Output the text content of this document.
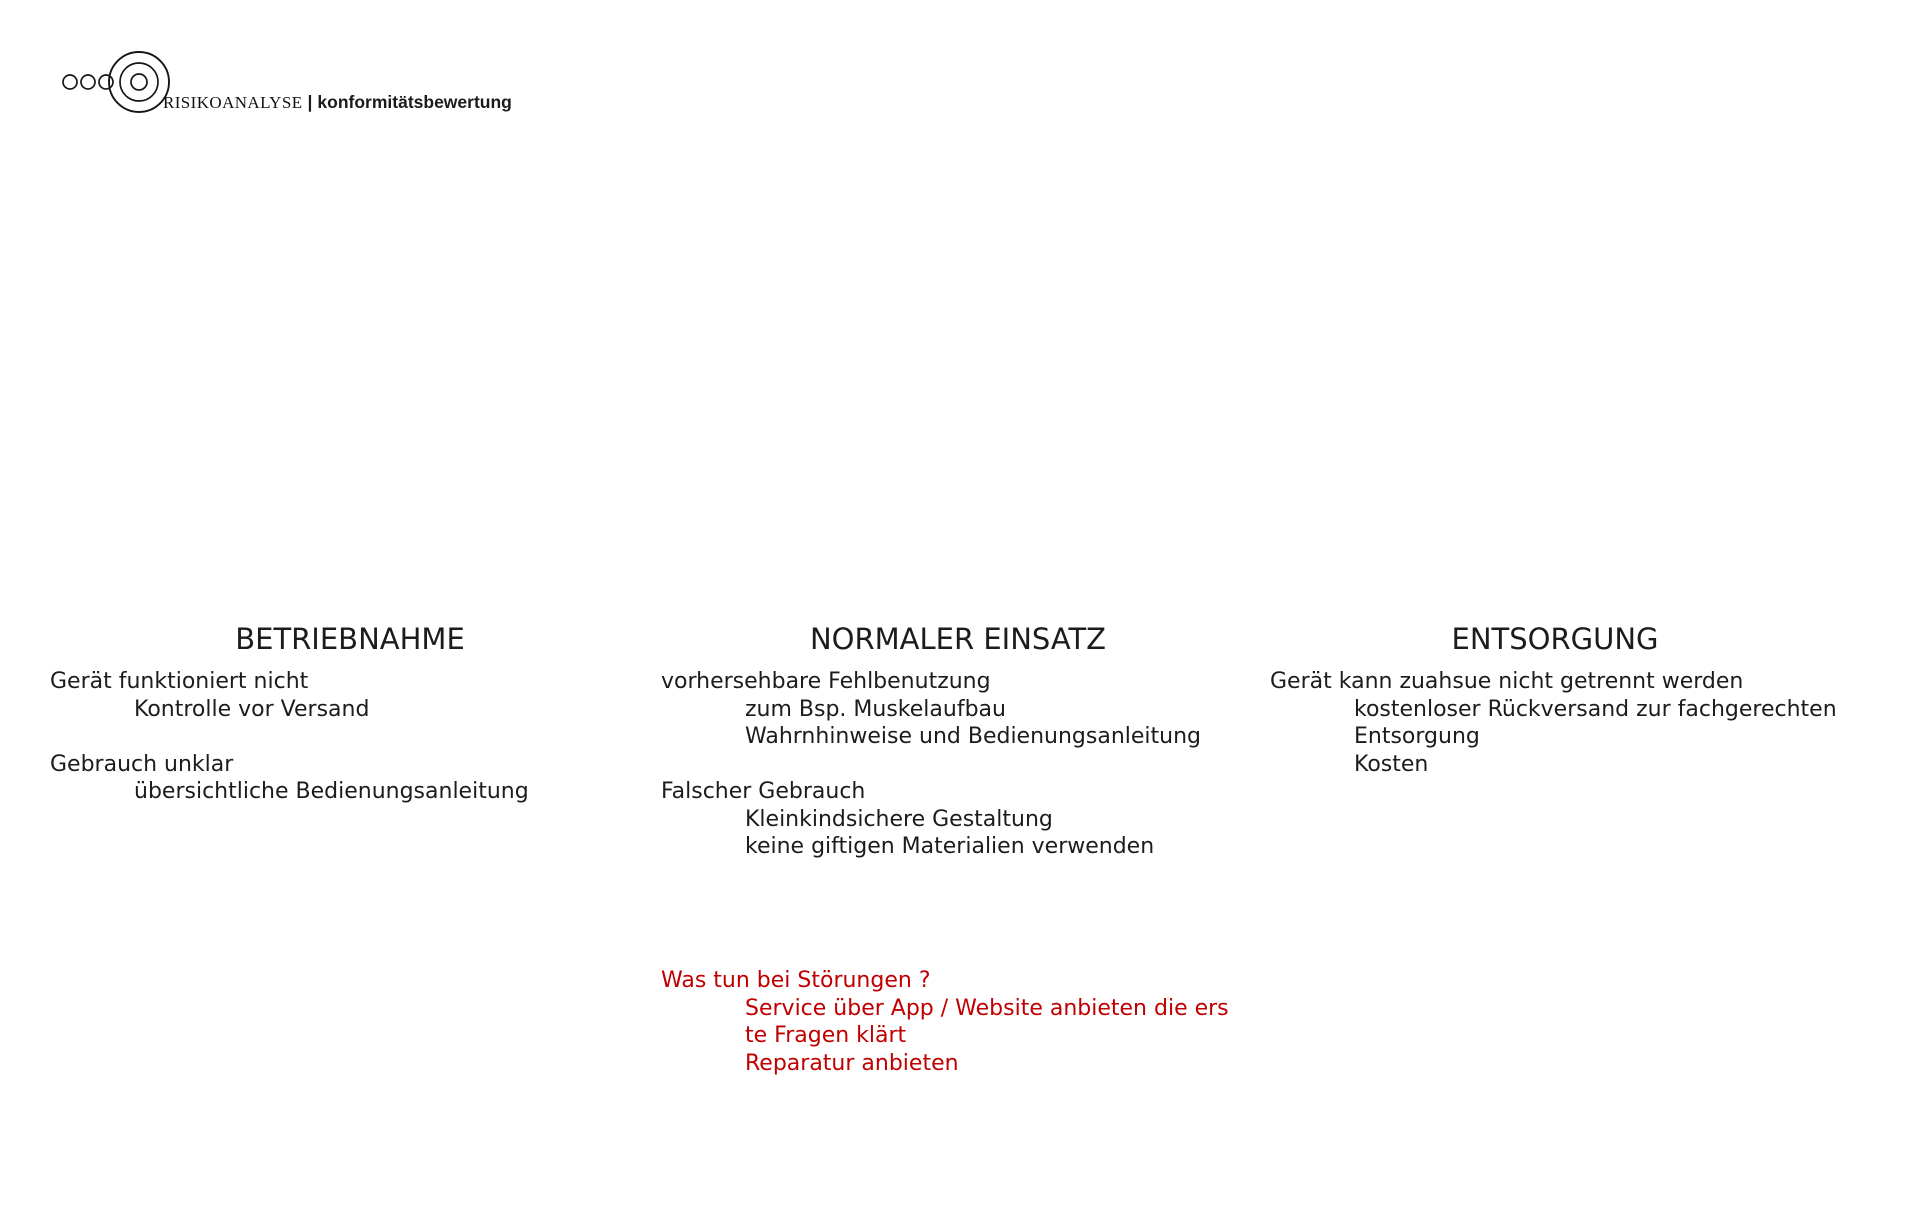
RISIKOANALYSE | konformitätsbewertung
BETRIEBNAHME	NORMALER EINSATZ	ENTSORGUNG
Gerät funktioniert nicht
Kontrolle vor Versand
Gebrauch unklar
übersichtliche Bedienungsanleitung
vorhersehbare Fehlbenutzung
zum Bsp. Muskelaufbau
Wahrnhinweise und Bedienungsanleitung
Falscher Gebrauch
Kleinkindsichere Gestaltung
keine giftigen Materialien verwenden
Gerät kann zuahsue nicht getrennt werden
kostenloser Rückversand zur fachgerechten
Entsorgung
Kosten
Was tun bei Störungen ?
Service über App / Website anbieten die ers
te Fragen klärt
Reparatur anbieten
